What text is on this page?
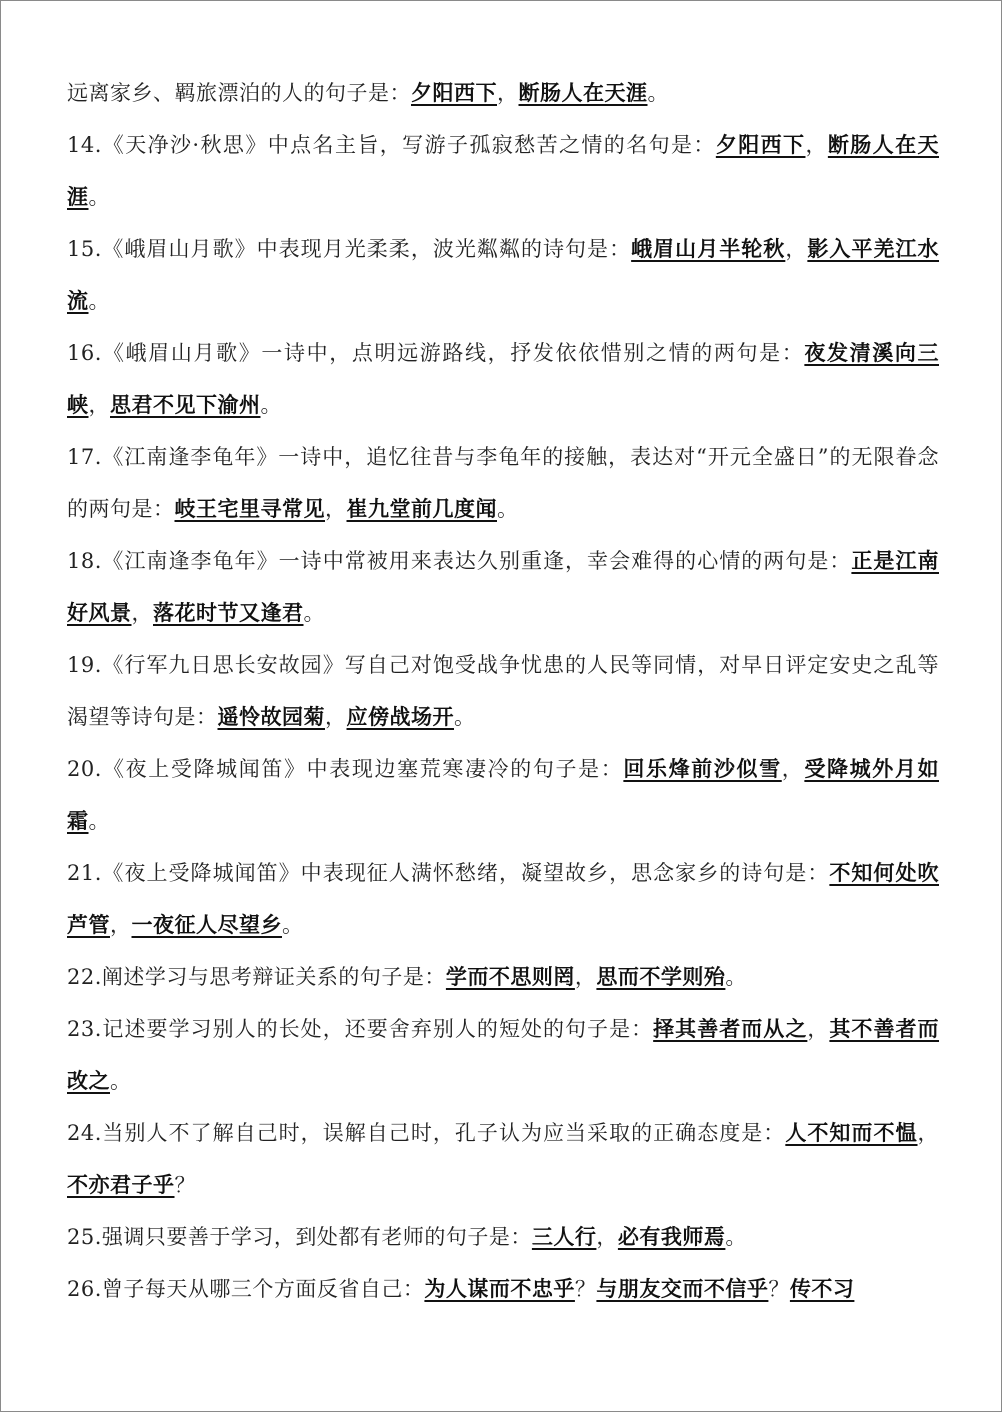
远离家乡、羁旅漂泊的人的句子是：夕阳西下，断肠人在天涯。

14.《天净沙·秋思》中点名主旨，写游子孤寂愁苦之情的名句是：夕阳西下，断肠人在天涯。

15.《峨眉山月歌》中表现月光柔柔，波光粼粼的诗句是：峨眉山月半轮秋，影入平羌江水流。

16.《峨眉山月歌》一诗中，点明远游路线，抒发依依惜别之情的两句是：夜发清溪向三峡，思君不见下渝州。

17.《江南逢李龟年》一诗中，追忆往昔与李龟年的接触，表达对“开元全盛日”的无限眷念的两句是：岐王宅里寻常见，崔九堂前几度闻。

18.《江南逢李龟年》一诗中常被用来表达久别重逢，幸会难得的心情的两句是：正是江南好风景，落花时节又逢君。

19.《行军九日思长安故园》写自己对饱受战争忧患的人民等同情，对早日评定安史之乱等渴望等诗句是：遥怜故园菊，应傍战场开。

20.《夜上受降城闻笛》中表现边塞荒寒凄冷的句子是：回乐烽前沙似雪，受降城外月如霜。

21.《夜上受降城闻笛》中表现征人满怀愁绪，凝望故乡，思念家乡的诗句是：不知何处吹芦管，一夜征人尽望乡。

22.阐述学习与思考辩证关系的句子是：学而不思则罔，思而不学则殆。

23.记述要学习别人的长处，还要舍弃别人的短处的句子是：择其善者而从之，其不善者而改之。

24.当别人不了解自己时，误解自己时，孔子认为应当采取的正确态度是：人不知而不愠，不亦君子乎？

25.强调只要善于学习，到处都有老师的句子是：三人行，必有我师焉。

26.曾子每天从哪三个方面反省自己：为人谋而不忠乎？与朋友交而不信乎？传不习
